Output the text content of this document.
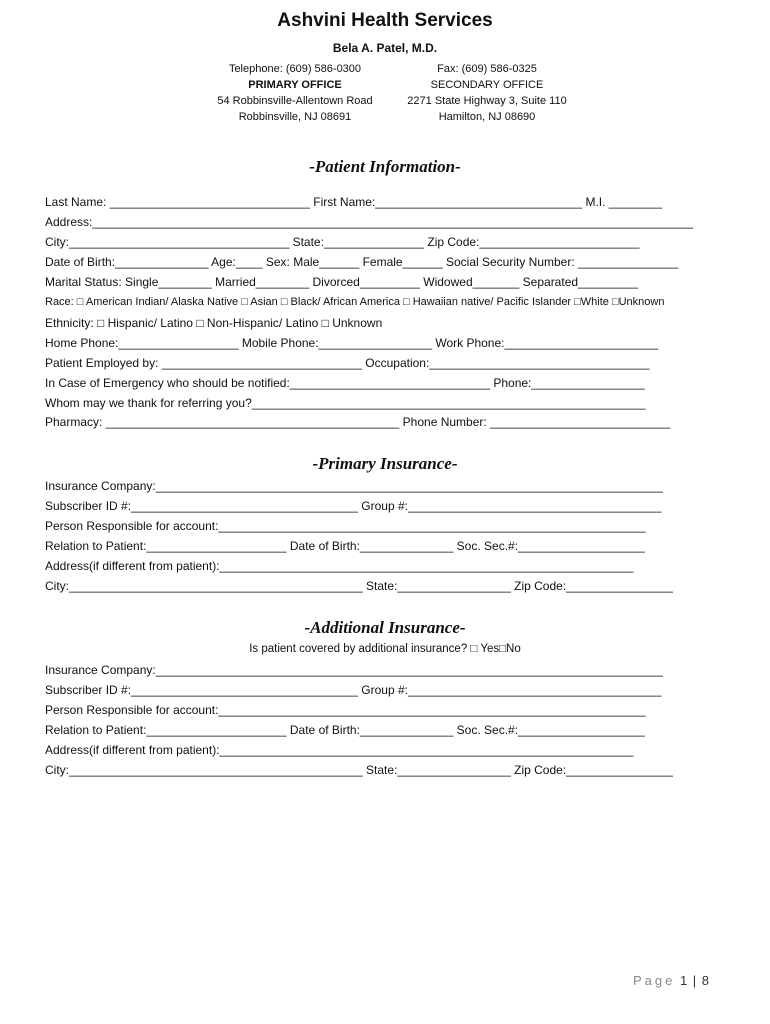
Ashvini Health Services
Bela A. Patel, M.D.
Telephone: (609) 586-0300
PRIMARY OFFICE
54 Robbinsville-Allentown Road
Robbinsville, NJ 08691
Fax: (609) 586-0325
SECONDARY OFFICE
2271 State Highway 3, Suite 110
Hamilton, NJ 08690
-Patient Information-
Last Name: ______________________________ First Name:_______________________________ M.I. ________
Address:__________________________________________________________________________________________
City:_________________________________ State:_______________ Zip Code:________________________
Date of Birth:______________ Age:____ Sex: Male______ Female______ Social Security Number: _______________
Marital Status: Single________ Married________ Divorced_________ Widowed_______ Separated_________
Race: □ American Indian/ Alaska Native □ Asian □ Black/ African America □ Hawaiian native/ Pacific Islander □White □Unknown
Ethnicity: □ Hispanic/ Latino □ Non-Hispanic/ Latino □ Unknown
Home Phone:__________________ Mobile Phone:_________________ Work Phone:_______________________
Patient Employed by: ______________________________ Occupation:_________________________________
In Case of Emergency who should be notified:______________________________ Phone:_________________
Whom may we thank for referring you?___________________________________________________________
Pharmacy: ____________________________________________ Phone Number: ___________________________
-Primary Insurance-
Insurance Company:____________________________________________________________________________
Subscriber ID #:__________________________________ Group #:______________________________________
Person Responsible for account:________________________________________________________________
Relation to Patient:_____________________ Date of Birth:______________ Soc. Sec.#:___________________
Address(if different from patient):______________________________________________________________
City:____________________________________________ State:_________________ Zip Code:________________
-Additional Insurance-
Is patient covered by additional insurance? □ Yes□No
Insurance Company:____________________________________________________________________________
Subscriber ID #:__________________________________ Group #:______________________________________
Person Responsible for account:________________________________________________________________
Relation to Patient:_____________________ Date of Birth:______________ Soc. Sec.#:___________________
Address(if different from patient):______________________________________________________________
City:____________________________________________ State:_________________ Zip Code:________________
Page 1 | 8
